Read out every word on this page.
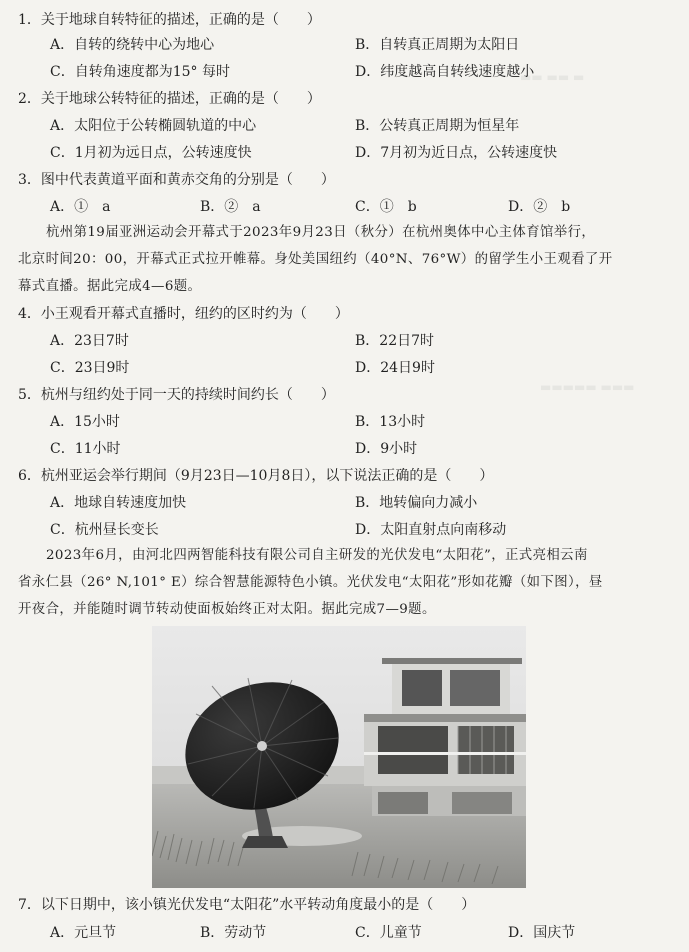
▬▬ ▬▬ ▬
▬▬▬▬▬ ▬▬▬
1．关于地球自转特征的描述，正确的是（　　）
A．自转的绕转中心为地心	B．自转真正周期为太阳日
C．自转角速度都为15° 每时	D．纬度越高自转线速度越小
2．关于地球公转特征的描述，正确的是（　　）
A．太阳位于公转椭圆轨道的中心	B．公转真正周期为恒星年
C．1月初为远日点，公转速度快	D．7月初为近日点，公转速度快
3．图中代表黄道平面和黄赤交角的分别是（　　）
A．①　a	B．②　a	C．①　b	D．②　b
杭州第19届亚洲运动会开幕式于2023年9月23日（秋分）在杭州奥体中心主体育馆举行，
北京时间20：00，开幕式正式拉开帷幕。身处美国纽约（40°N、76°W）的留学生小王观看了开
幕式直播。据此完成4—6题。
4．小王观看开幕式直播时，纽约的区时约为（　　）
A．23日7时	B．22日7时
C．23日9时	D．24日9时
5．杭州与纽约处于同一天的持续时间约长（　　）
A．15小时	B．13小时
C．11小时	D．9小时
6．杭州亚运会举行期间（9月23日—10月8日），以下说法正确的是（　　）
A．地球自转速度加快	B．地转偏向力减小
C．杭州昼长变长	D．太阳直射点向南移动
2023年6月，由河北四两智能科技有限公司自主研发的光伏发电“太阳花”，正式亮相云南
省永仁县（26° N,101° E）综合智慧能源特色小镇。光伏发电“太阳花”形如花瓣（如下图），昼
开夜合，并能随时调节转动使面板始终正对太阳。据此完成7—9题。
7．以下日期中，该小镇光伏发电“太阳花”水平转动角度最小的是（　　）
A．元旦节	B．劳动节	C．儿童节	D．国庆节
